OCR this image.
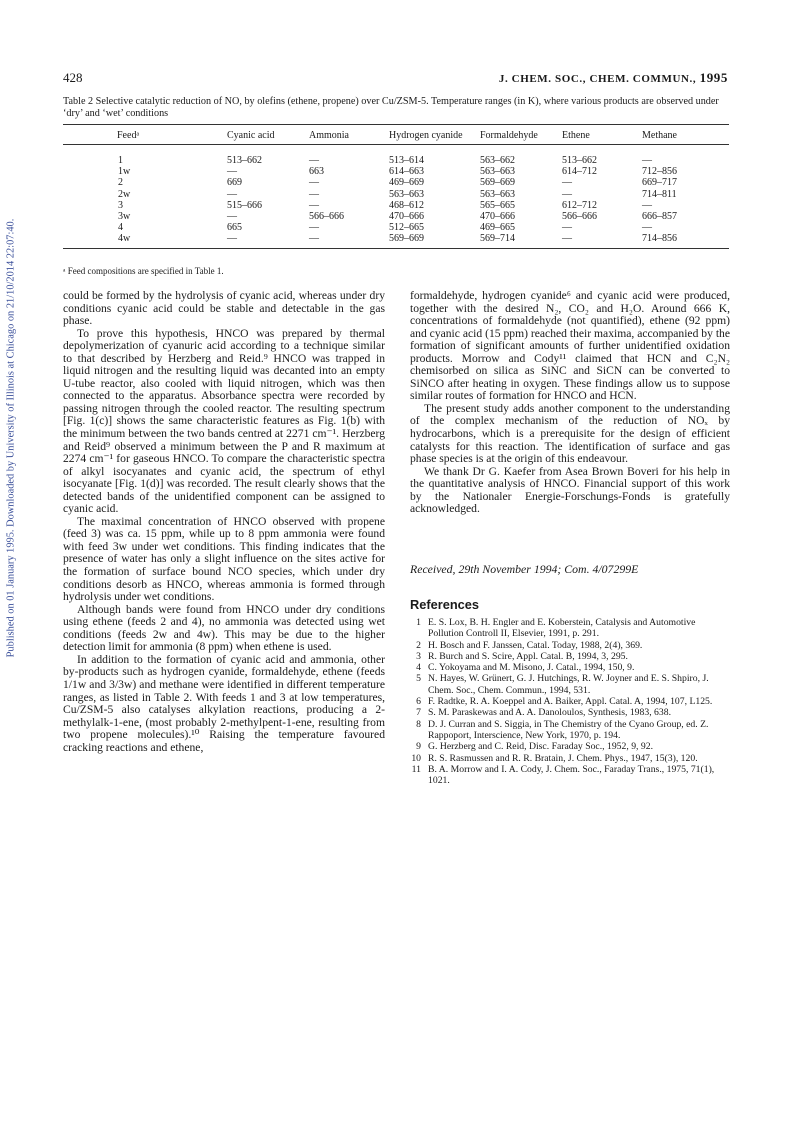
Published on 01 January 1995. Downloaded by University of Illinois at Chicago on 21/10/2014 22:07:40.
428	J. CHEM. SOC., CHEM. COMMUN., 1995
Table 2 Selective catalytic reduction of NO, by olefins (ethene, propene) over Cu/ZSM-5. Temperature ranges (in K), where various products are observed under ‘dry’ and ‘wet’ conditions
Feedᵃ	Cyanic acid	Ammonia	Hydrogen cyanide	Formaldehyde	Ethene	Methane
1	513–662	—	513–614	563–662	513–662	—
1w	—	663	614–663	563–663	614–712	712–856
2	669	—	469–669	569–669	—	669–717
2w	—	—	563–663	563–663	—	714–811
3	515–666	—	468–612	565–665	612–712	—
3w	—	566–666	470–666	470–666	566–666	666–857
4	665	—	512–665	469–665	—	—
4w	—	—	569–669	569–714	—	714–856
ᵃ Feed compositions are specified in Table 1.

could be formed by the hydrolysis of cyanic acid, whereas under dry conditions cyanic acid could be stable and detectable in the gas phase.

To prove this hypothesis, HNCO was prepared by thermal depolymerization of cyanuric acid according to a technique similar to that described by Herzberg and Reid.⁹ HNCO was trapped in liquid nitrogen and the resulting liquid was decanted into an empty U-tube reactor, also cooled with liquid nitrogen, which was then connected to the apparatus. Absorbance spectra were recorded by passing nitrogen through the cooled reactor. The resulting spectrum [Fig. 1(c)] shows the same characteristic features as Fig. 1(b) with the minimum between the two bands centred at 2271 cm⁻¹. Herzberg and Reid⁹ observed a minimum between the P and R maximum at 2274 cm⁻¹ for gaseous HNCO. To compare the characteristic spectra of alkyl isocyanates and cyanic acid, the spectrum of ethyl isocyanate [Fig. 1(d)] was recorded. The result clearly shows that the detected bands of the unidentified component can be assigned to cyanic acid.

The maximal concentration of HNCO observed with propene (feed 3) was ca. 15 ppm, while up to 8 ppm ammonia were found with feed 3w under wet conditions. This finding indicates that the presence of water has only a slight influence on the sites active for the formation of surface bound NCO species, which under dry conditions desorb as HNCO, whereas ammonia is formed through hydrolysis under wet conditions.

Although bands were found from HNCO under dry conditions using ethene (feeds 2 and 4), no ammonia was detected using wet conditions (feeds 2w and 4w). This may be due to the higher detection limit for ammonia (8 ppm) when ethene is used.

In addition to the formation of cyanic acid and ammonia, other by-products such as hydrogen cyanide, formaldehyde, ethene (feeds 1/1w and 3/3w) and methane were identified in different temperature ranges, as listed in Table 2. With feeds 1 and 3 at low temperatures, Cu/ZSM-5 also catalyses alkylation reactions, producing a 2-methylalk-1-ene, (most probably 2-methylpent-1-ene, resulting from two propene molecules).¹⁰ Raising the temperature favoured cracking reactions and ethene,

formaldehyde, hydrogen cyanide⁶ and cyanic acid were produced, together with the desired N₂, CO₂ and H₂O. Around 666 K, concentrations of formaldehyde (not quantified), ethene (92 ppm) and cyanic acid (15 ppm) reached their maxima, accompanied by the formation of significant amounts of further unidentified oxidation products. Morrow and Cody¹¹ claimed that HCN and C₂N₂ chemisorbed on silica as SiNC and SiCN can be converted to SiNCO after heating in oxygen. These findings allow us to suppose similar routes of formation for HNCO and HCN.

The present study adds another component to the understanding of the complex mechanism of the reduction of NOₓ by hydrocarbons, which is a prerequisite for the design of efficient catalysts for this reaction. The identification of surface and gas phase species is at the origin of this endeavour.

We thank Dr G. Kaefer from Asea Brown Boveri for his help in the quantitative analysis of HNCO. Financial support of this work by the Nationaler Energie-Forschungs-Fonds is gratefully acknowledged.

Received, 29th November 1994; Com. 4/07299E
References
1 E. S. Lox, B. H. Engler and E. Koberstein, Catalysis and Automotive Pollution Controll II, Elsevier, 1991, p. 291.
2 H. Bosch and F. Janssen, Catal. Today, 1988, 2(4), 369.
3 R. Burch and S. Scire, Appl. Catal. B, 1994, 3, 295.
4 C. Yokoyama and M. Misono, J. Catal., 1994, 150, 9.
5 N. Hayes, W. Grünert, G. J. Hutchings, R. W. Joyner and E. S. Shpiro, J. Chem. Soc., Chem. Commun., 1994, 531.
6 F. Radtke, R. A. Koeppel and A. Baiker, Appl. Catal. A, 1994, 107, L125.
7 S. M. Paraskewas and A. A. Danoloulos, Synthesis, 1983, 638.
8 D. J. Curran and S. Siggia, in The Chemistry of the Cyano Group, ed. Z. Rappoport, Interscience, New York, 1970, p. 194.
9 G. Herzberg and C. Reid, Disc. Faraday Soc., 1952, 9, 92.
10 R. S. Rasmussen and R. R. Bratain, J. Chem. Phys., 1947, 15(3), 120.
11 B. A. Morrow and I. A. Cody, J. Chem. Soc., Faraday Trans., 1975, 71(1), 1021.
